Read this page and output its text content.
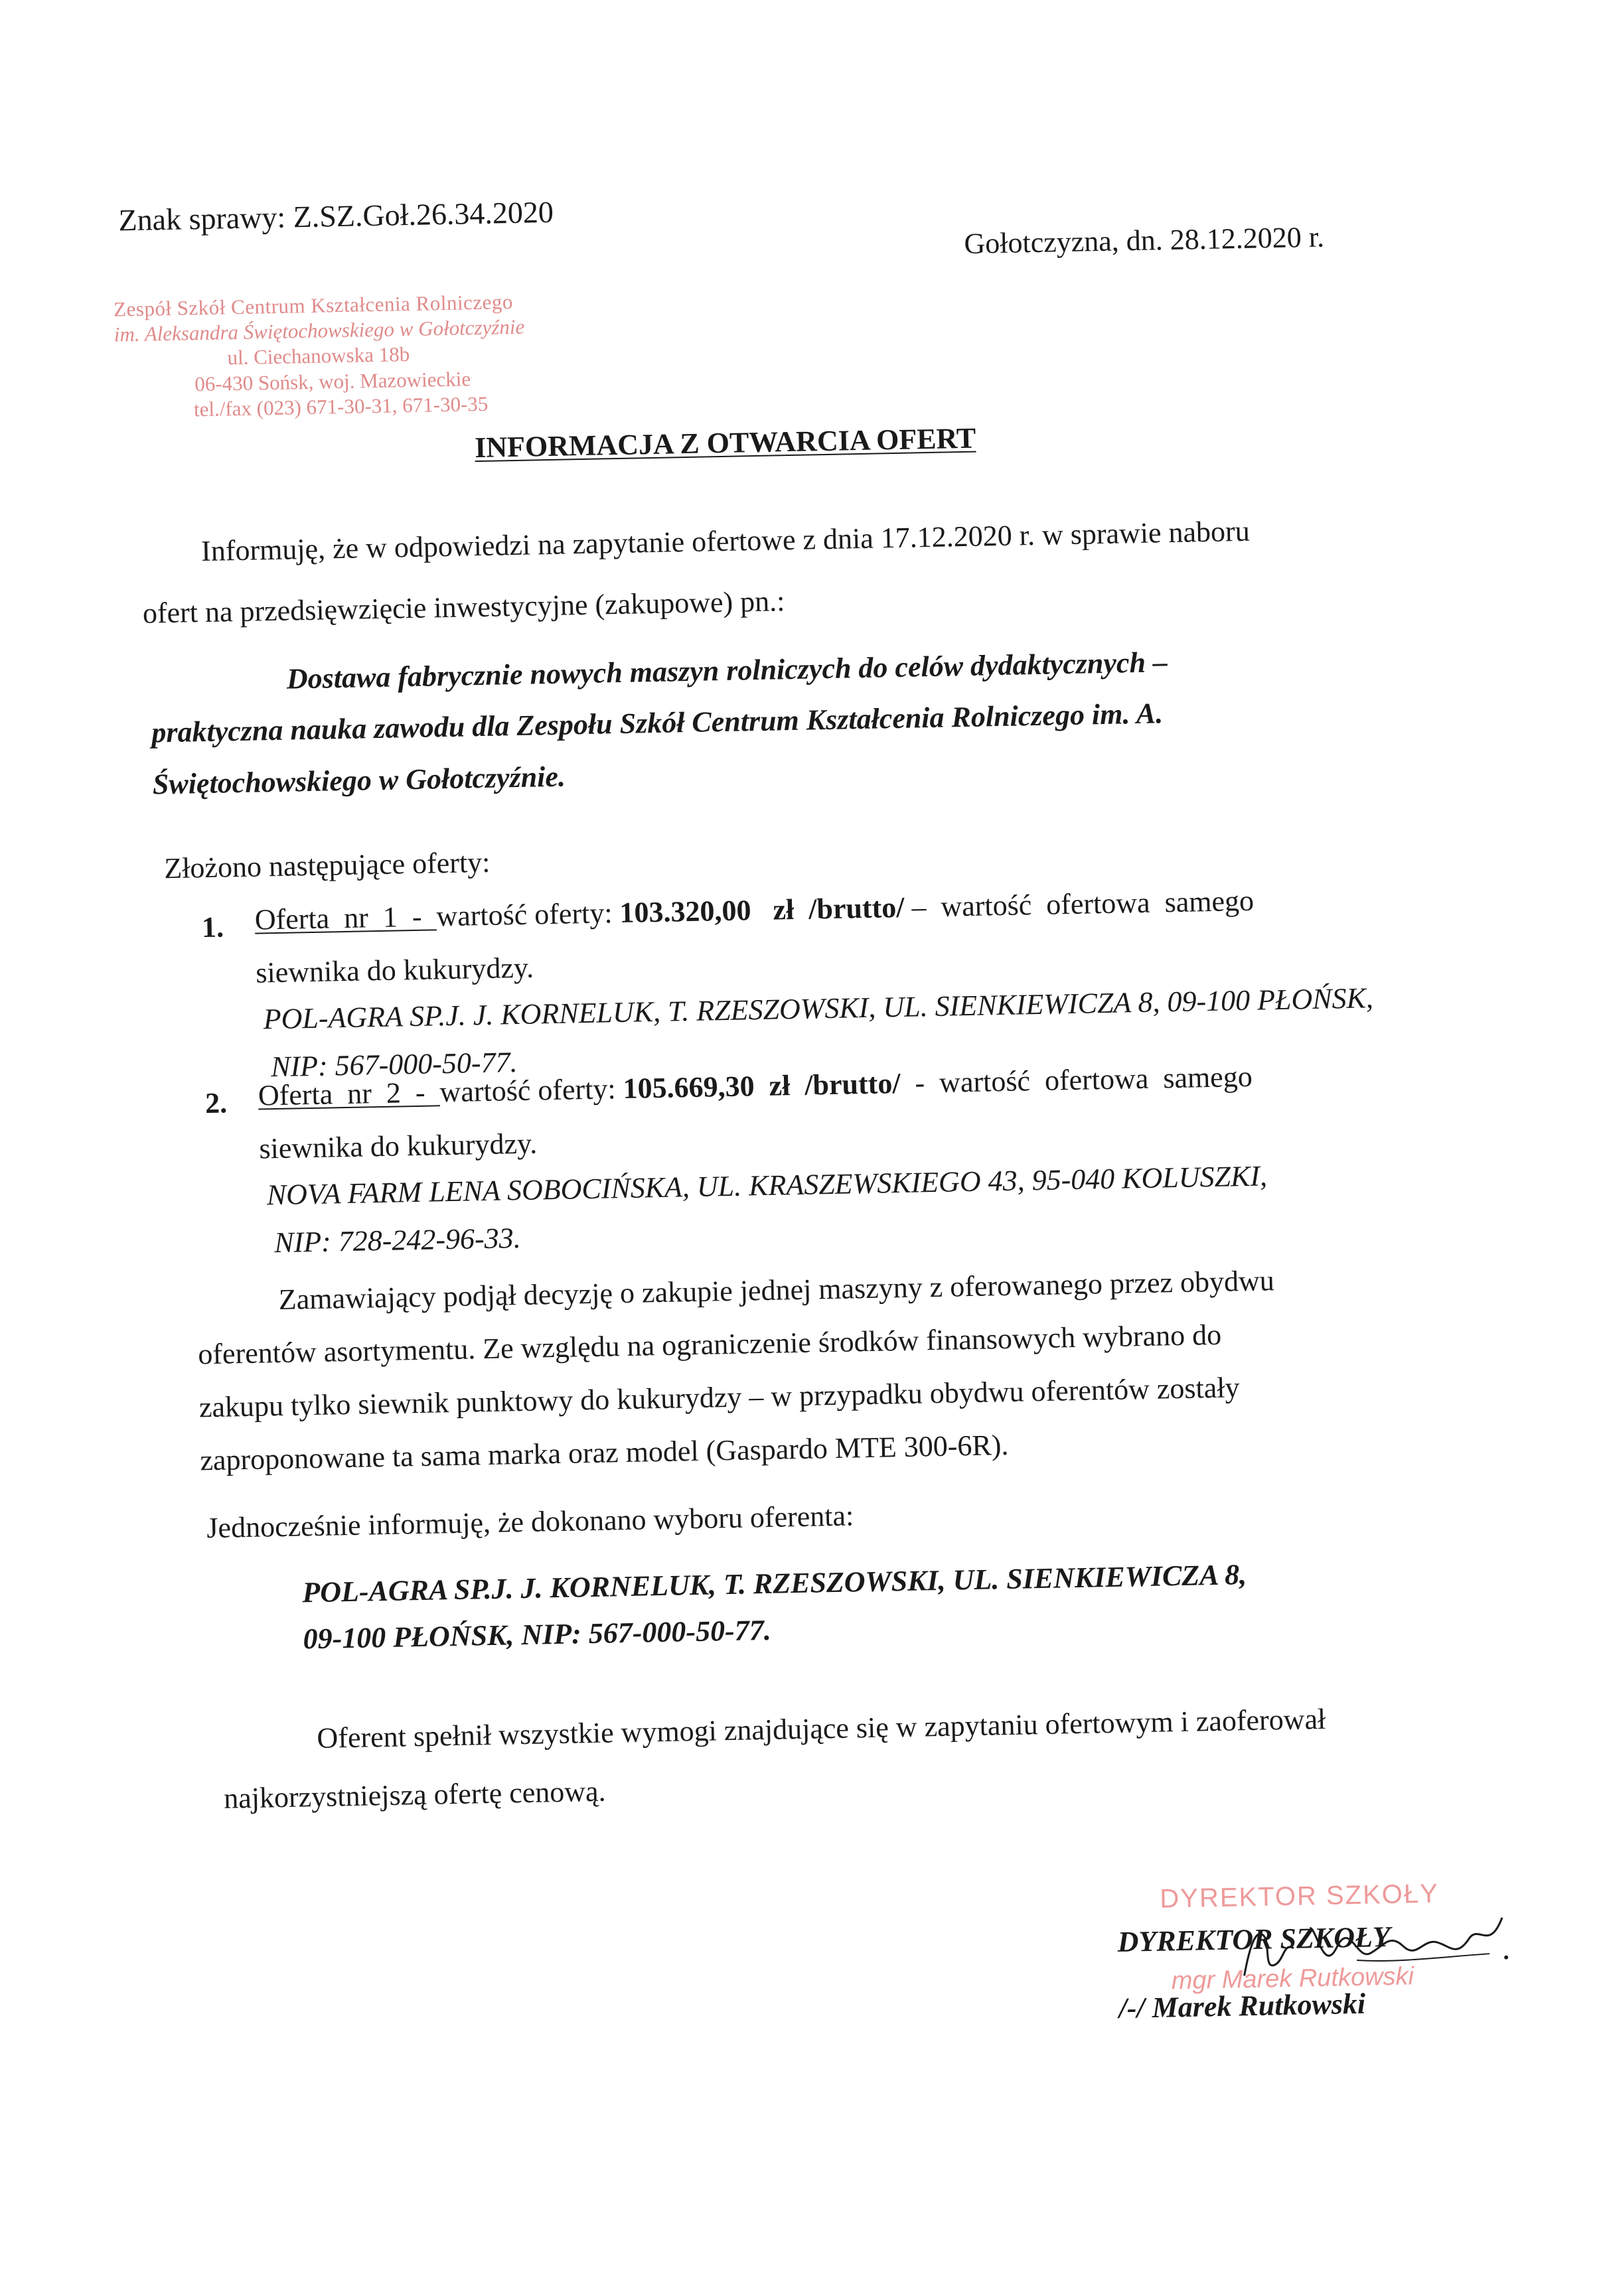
Znak sprawy: Z.SZ.Goł.26.34.2020
Gołotczyzna, dn. 28.12.2020 r.
Zespół Szkół Centrum Kształcenia Rolniczego
im. Aleksandra Świętochowskiego w Gołotczyźnie
ul. Ciechanowska 18b
06-430 Sońsk, woj. Mazowieckie
tel./fax (023) 671-30-31, 671-30-35
INFORMACJA Z OTWARCIA OFERT
Informuję, że w odpowiedzi na zapytanie ofertowe z dnia 17.12.2020 r. w sprawie naboru
ofert na przedsięwzięcie inwestycyjne (zakupowe) pn.:
Dostawa fabrycznie nowych maszyn rolniczych do celów dydaktycznych –
praktyczna nauka zawodu dla Zespołu Szkół Centrum Kształcenia Rolniczego im. A.
Świętochowskiego w Gołotczyźnie.
Złożono następujące oferty:
1. Oferta  nr  1  -  wartość oferty: 103.320,00   zł  /brutto/ –  wartość  ofertowa  samego
siewnika do kukurydzy.
POL-AGRA SP.J. J. KORNELUK, T. RZESZOWSKI, UL. SIENKIEWICZA 8, 09-100 PŁOŃSK,
NIP: 567-000-50-77.
2. Oferta  nr  2  -  wartość oferty: 105.669,30  zł  /brutto/  -  wartość  ofertowa  samego
siewnika do kukurydzy.
NOVA FARM LENA SOBOCIŃSKA, UL. KRASZEWSKIEGO 43, 95-040 KOLUSZKI,
NIP: 728-242-96-33.
Zamawiający podjął decyzję o zakupie jednej maszyny z oferowanego przez obydwu
oferentów asortymentu. Ze względu na ograniczenie środków finansowych wybrano do
zakupu tylko siewnik punktowy do kukurydzy – w przypadku obydwu oferentów zostały
zaproponowane ta sama marka oraz model (Gaspardo MTE 300-6R).
Jednocześnie informuję, że dokonano wyboru oferenta:
POL-AGRA SP.J. J. KORNELUK, T. RZESZOWSKI, UL. SIENKIEWICZA 8,
09-100 PŁOŃSK, NIP: 567-000-50-77.
Oferent spełnił wszystkie wymogi znajdujące się w zapytaniu ofertowym i zaoferował
najkorzystniejszą ofertę cenową.
DYREKTOR SZKOŁY
mgr Marek Rutkowski
DYREKTOR SZKOŁY
/-/ Marek Rutkowski
